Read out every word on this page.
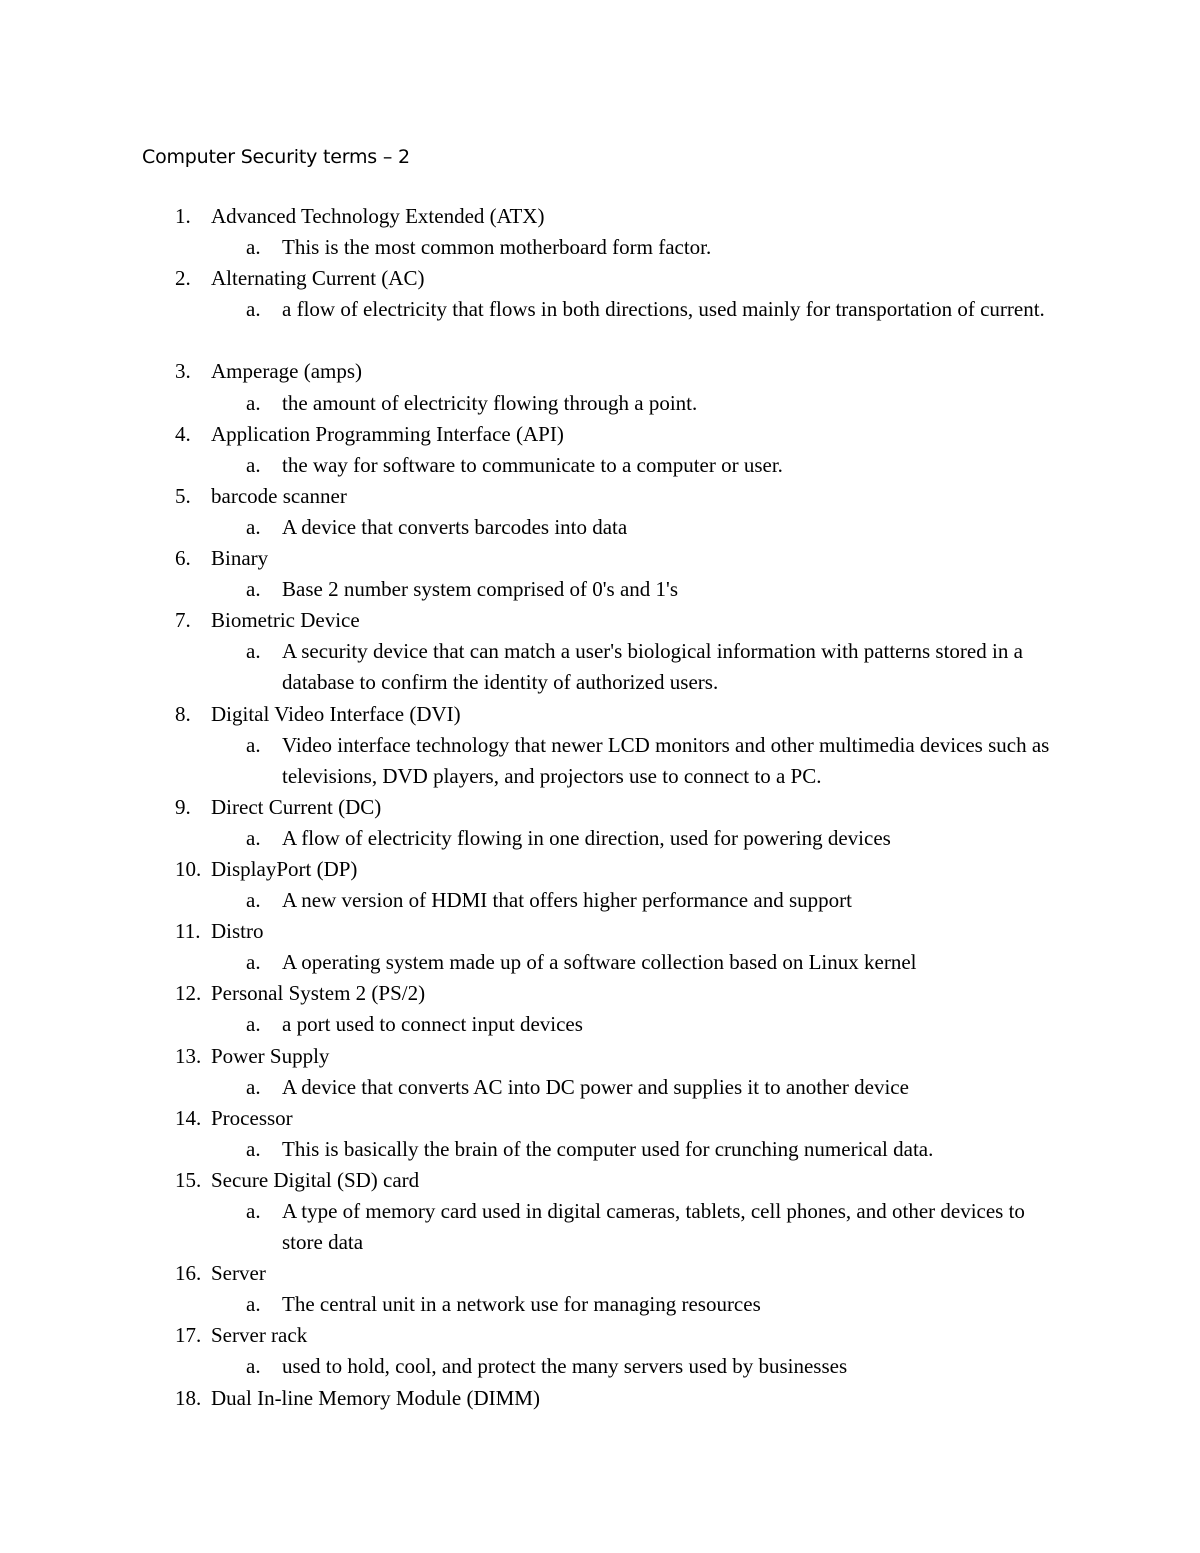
Computer Security terms – 2
1. Advanced Technology Extended (ATX)
a.	This is the most common motherboard form factor.
2. Alternating Current (AC)
a.	a flow of electricity that flows in both directions, used mainly for transportation of current.
3. Amperage (amps)
a.	the amount of electricity flowing through a point.
4. Application Programming Interface (API)
a.	the way for software to communicate to a computer or user.
5. barcode scanner
a.	A device that converts barcodes into data
6. Binary
a.	Base 2 number system comprised of 0's and 1's
7. Biometric Device
a.	A security device that can match a user's biological information with patterns stored in a database to confirm the identity of authorized users.
8. Digital Video Interface (DVI)
a.	Video interface technology that newer LCD monitors and other multimedia devices such as televisions, DVD players, and projectors use to connect to a PC.
9. Direct Current (DC)
a.	A flow of electricity flowing in one direction, used for powering devices
10. DisplayPort (DP)
a.	A new version of HDMI that offers higher performance and support
11. Distro
a.	A operating system made up of a software collection based on Linux kernel
12. Personal System 2 (PS/2)
a.	a port used to connect input devices
13. Power Supply
a.	A device that converts AC into DC power and supplies it to another device
14. Processor
a.	This is basically the brain of the computer used for crunching numerical data.
15. Secure Digital (SD) card
a.	A type of memory card used in digital cameras, tablets, cell phones, and other devices to store data
16. Server
a.	The central unit in a network use for managing resources
17. Server rack
a.	used to hold, cool, and protect the many servers used by businesses
18. Dual In-line Memory Module (DIMM)
